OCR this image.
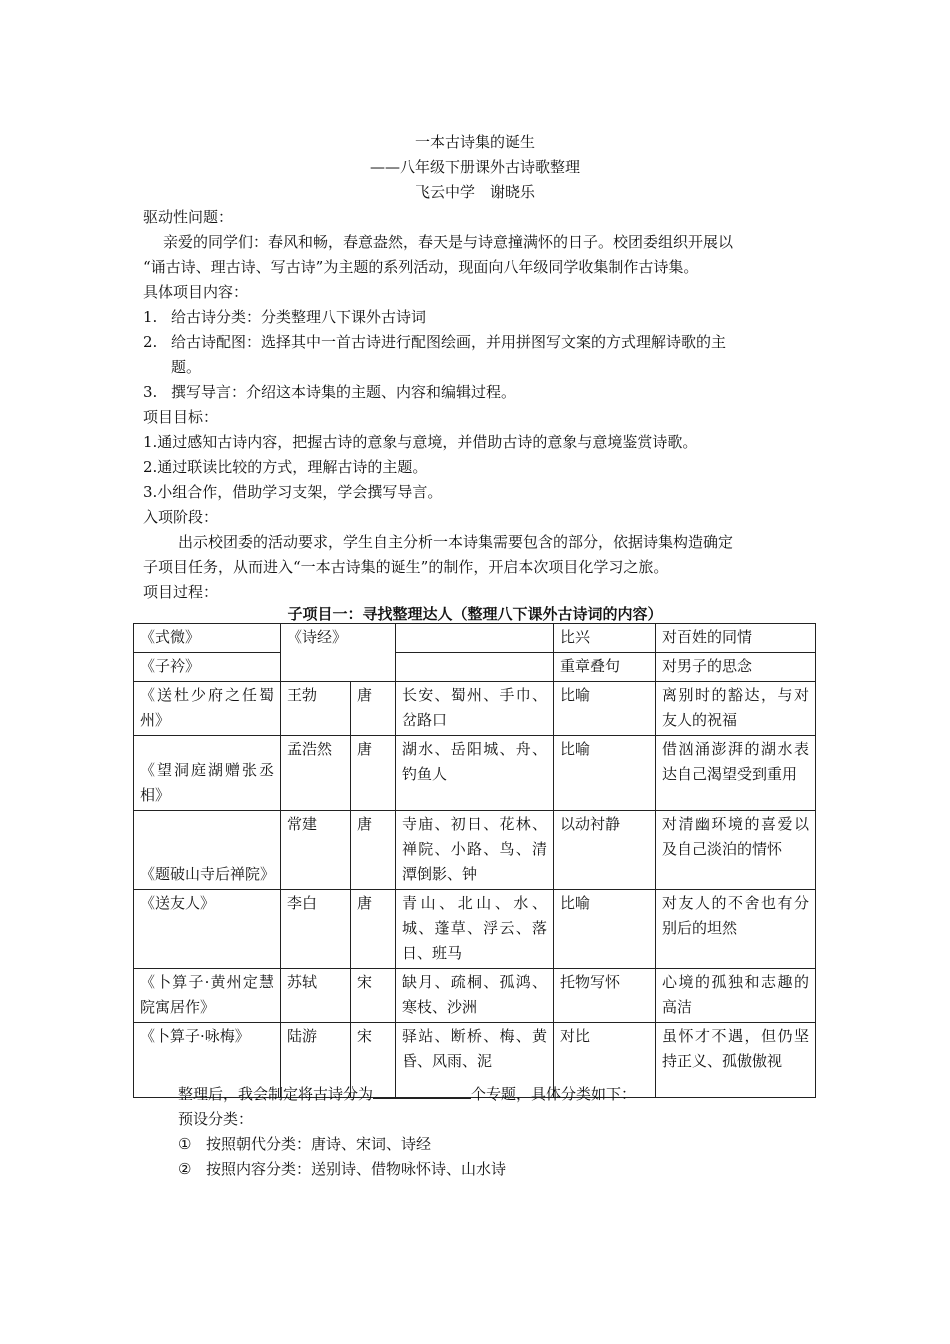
一本古诗集的诞生
——八年级下册课外古诗歌整理
飞云中学　谢晓乐
驱动性问题：
亲爱的同学们：春风和畅，春意盎然，春天是与诗意撞满怀的日子。校团委组织开展以
“诵古诗、理古诗、写古诗”为主题的系列活动，现面向八年级同学收集制作古诗集。
具体项目内容：
1. 给古诗分类：分类整理八下课外古诗词
2. 给古诗配图：选择其中一首古诗进行配图绘画，并用拼图写文案的方式理解诗歌的主
题。
3. 撰写导言：介绍这本诗集的主题、内容和编辑过程。
项目目标：
1.通过感知古诗内容，把握古诗的意象与意境，并借助古诗的意象与意境鉴赏诗歌。
2.通过联读比较的方式，理解古诗的主题。
3.小组合作，借助学习支架，学会撰写导言。
入项阶段：
出示校团委的活动要求，学生自主分析一本诗集需要包含的部分，依据诗集构造确定
子项目任务，从而进入“一本古诗集的诞生”的制作，开启本次项目化学习之旅。
项目过程：
子项目一：寻找整理达人（整理八下课外古诗词的内容）
《式微》	《诗经》			比兴	对百姓的同情
《子衿》				重章叠句	对男子的思念
《送杜少府之任蜀州》	王勃	唐	长安、蜀州、手巾、岔路口	比喻	离别时的豁达，与对友人的祝福
《望洞庭湖赠张丞相》	孟浩然	唐	湖水、岳阳城、舟、钓鱼人	比喻	借汹涌澎湃的湖水表达自己渴望受到重用
《题破山寺后禅院》	常建	唐	寺庙、初日、花林、禅院、小路、鸟、清潭倒影、钟	以动衬静	对清幽环境的喜爱以及自己淡泊的情怀
《送友人》	李白	唐	青山、北山、水、城、蓬草、浮云、落日、班马	比喻	对友人的不舍也有分别后的坦然
《卜算子·黄州定慧院寓居作》	苏轼	宋	缺月、疏桐、孤鸿、寒枝、沙洲	托物写怀	心境的孤独和志趣的高洁
《卜算子·咏梅》	陆游	宋	驿站、断桥、梅、黄昏、风雨、泥	对比	虽怀才不遇，但仍坚持正义、孤傲傲视
整理后，我会制定将古诗分为	个专题，具体分类如下：
预设分类：
① 按照朝代分类：唐诗、宋词、诗经
② 按照内容分类：送别诗、借物咏怀诗、山水诗
